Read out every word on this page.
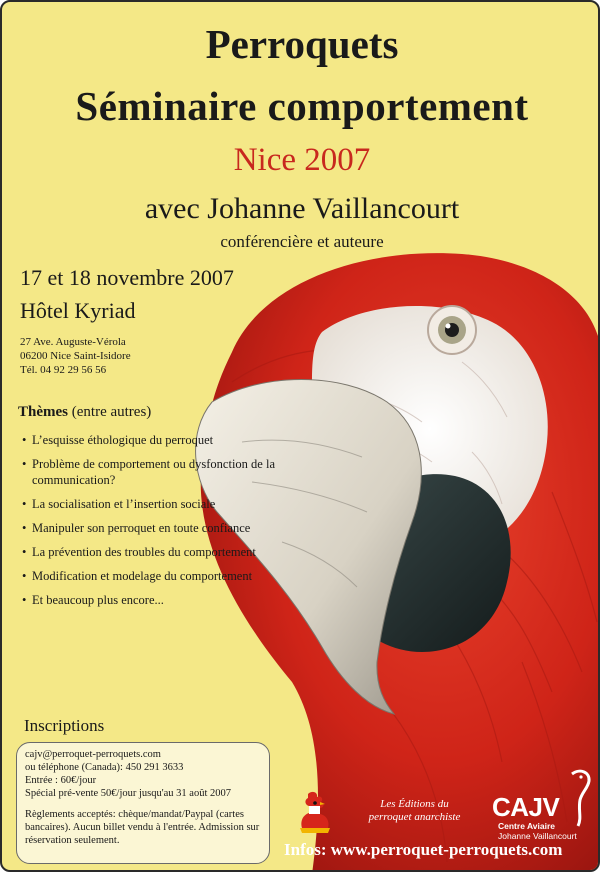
Perroquets
Séminaire comportement
Nice 2007
avec Johanne Vaillancourt
conférencière et auteure
17 et 18 novembre 2007
Hôtel Kyriad
27 Ave. Auguste-Vérola
06200 Nice Saint-Isidore
Tél. 04 92 29 56 56
Thèmes (entre autres)
• L’esquisse éthologique du perroquet
• Problème de comportement ou dysfonction de la communication?
• La socialisation et l’insertion sociale
• Manipuler son perroquet en toute confiance
• La prévention des troubles du comportement
• Modification et modelage du comportement
• Et beaucoup plus encore...
Inscriptions
cajv@perroquet-perroquets.com
ou téléphone (Canada): 450 291 3633
Entrée : 60€/jour
Spécial pré-vente 50€/jour jusqu'au 31 août 2007
Règlements acceptés: chèque/mandat/Paypal (cartes bancaires). Aucun billet vendu à l'entrée. Admission sur réservation seulement.
Les Éditions du
perroquet anarchiste	CAJV
Centre Aviaire
Johanne Vaillancourt
Infos: www.perroquet-perroquets.com
